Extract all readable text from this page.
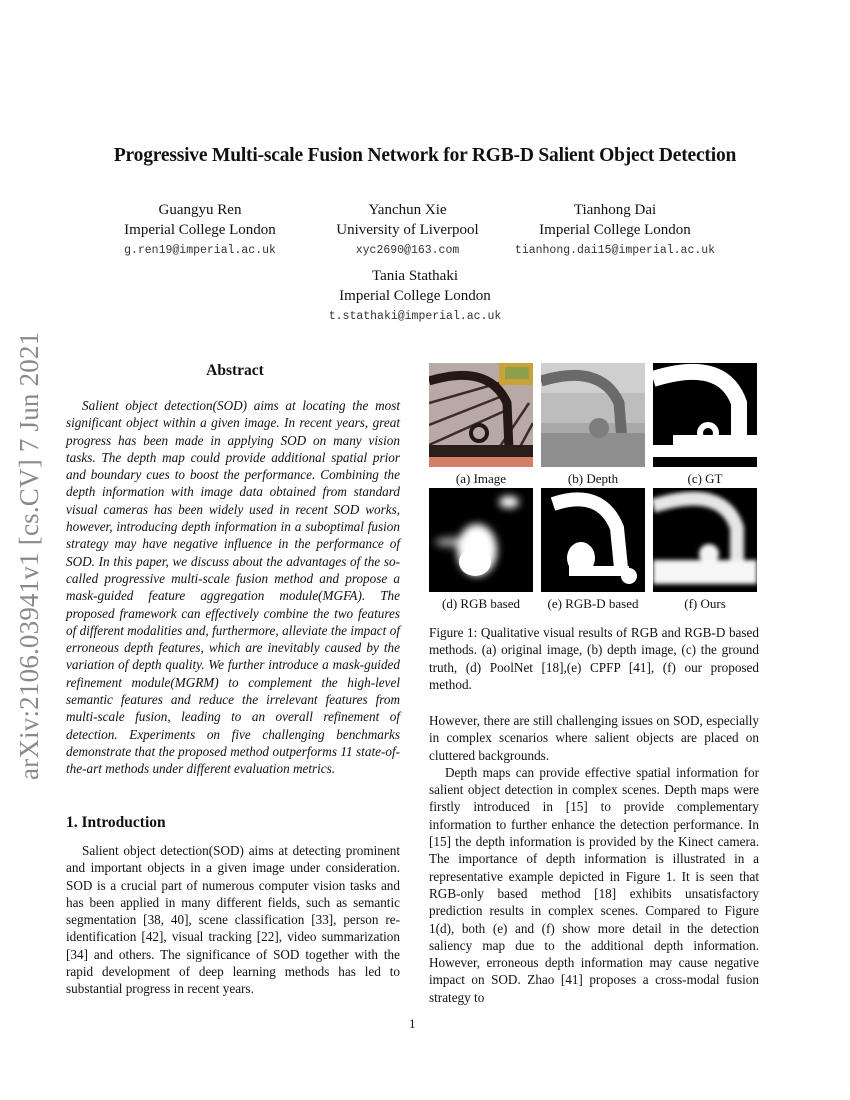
arXiv:2106.03941v1 [cs.CV] 7 Jun 2021
Progressive Multi-scale Fusion Network for RGB-D Salient Object Detection
Guangyu Ren
Imperial College London
g.ren19@imperial.ac.uk
Yanchun Xie
University of Liverpool
xyc2690@163.com
Tianhong Dai
Imperial College London
tianhong.dai15@imperial.ac.uk
Tania Stathaki
Imperial College London
t.stathaki@imperial.ac.uk
Abstract

Salient object detection(SOD) aims at locating the most significant object within a given image. In recent years, great progress has been made in applying SOD on many vision tasks. The depth map could provide additional spatial prior and boundary cues to boost the performance. Combining the depth information with image data obtained from standard visual cameras has been widely used in recent SOD works, however, introducing depth information in a suboptimal fusion strategy may have negative influence in the performance of SOD. In this paper, we discuss about the advantages of the so-called progressive multi-scale fusion method and propose a mask-guided feature aggregation module(MGFA). The proposed framework can effectively combine the two features of different modalities and, furthermore, alleviate the impact of erroneous depth features, which are inevitably caused by the variation of depth quality. We further introduce a mask-guided refinement module(MGRM) to complement the high-level semantic features and reduce the irrelevant features from multi-scale fusion, leading to an overall refinement of detection. Experiments on five challenging benchmarks demonstrate that the proposed method outperforms 11 state-of-the-art methods under different evaluation metrics.

1. Introduction

Salient object detection(SOD) aims at detecting prominent and important objects in a given image under consideration. SOD is a crucial part of numerous computer vision tasks and has been applied in many different fields, such as semantic segmentation [38, 40], scene classification [33], person re-identification [42], visual tracking [22], video summarization [34] and others. The significance of SOD together with the rapid development of deep learning methods has led to substantial progress in recent years.

(a) Image	(b) Depth	(c) GT
(d) RGB based	(e) RGB-D based	(f) Ours

Figure 1: Qualitative visual results of RGB and RGB-D based methods. (a) original image, (b) depth image, (c) the ground truth, (d) PoolNet [18],(e) CPFP [41], (f) our proposed method.

However, there are still challenging issues on SOD, especially in complex scenarios where salient objects are placed on cluttered backgrounds.

Depth maps can provide effective spatial information for salient object detection in complex scenes. Depth maps were firstly introduced in [15] to provide complementary information to further enhance the detection performance. In [15] the depth information is provided by the Kinect camera. The importance of depth information is illustrated in a representative example depicted in Figure 1. It is seen that RGB-only based method [18] exhibits unsatisfactory prediction results in complex scenes. Compared to Figure 1(d), both (e) and (f) show more detail in the detection saliency map due to the additional depth information. However, erroneous depth information may cause negative impact on SOD. Zhao [41] proposes a cross-modal fusion strategy to

1
